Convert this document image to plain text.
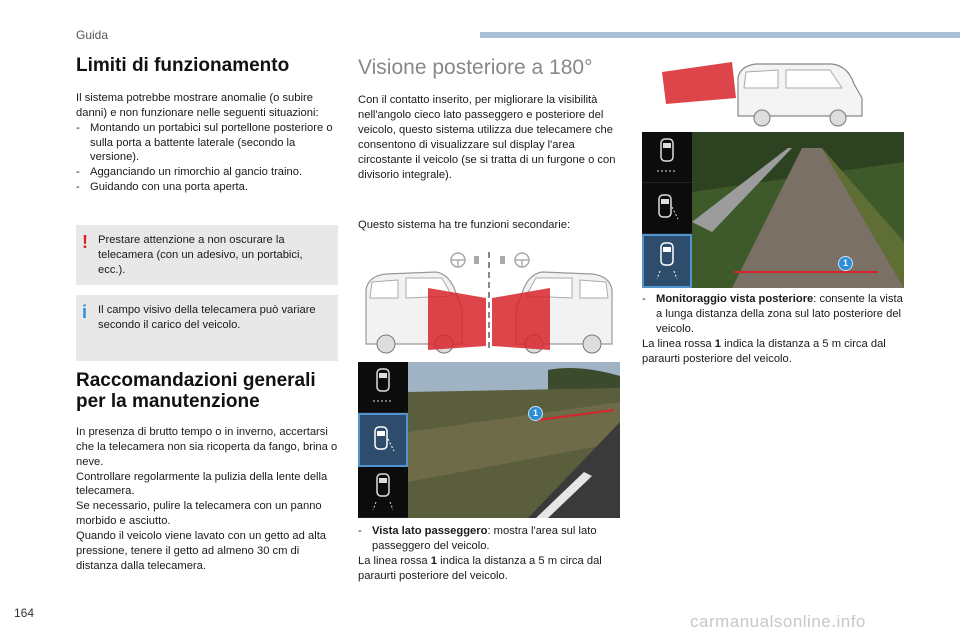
Guida
Limiti di funzionamento

Il sistema potrebbe mostrare anomalie (o subire danni) e non funzionare nelle seguenti situazioni:

- Montando un portabici sul portellone posteriore o sulla porta a battente laterale (secondo la versione).
- Agganciando un rimorchio al gancio traino.
- Guidando con una porta aperta.
! Prestare attenzione a non oscurare la telecamera (con un adesivo, un portabici, ecc.).
i Il campo visivo della telecamera può variare secondo il carico del veicolo.
Raccomandazioni generali
per la manutenzione

In presenza di brutto tempo o in inverno, accertarsi che la telecamera non sia ricoperta da fango, brina o neve.

Controllare regolarmente la pulizia della lente della telecamera.

Se necessario, pulire la telecamera con un panno morbido e asciutto.

Quando il veicolo viene lavato con un getto ad alta pressione, tenere il getto ad almeno 30 cm di distanza dalla telecamera.

Visione posteriore a 180°

Con il contatto inserito, per migliorare la visibilità nell'angolo cieco lato passeggero e posteriore del veicolo, questo sistema utilizza due telecamere che consentono di visualizzare sul display l'area circostante il veicolo (se si tratta di un furgone o con divisorio integrale).

Questo sistema ha tre funzioni secondarie:

1
- Vista lato passeggero: mostra l'area sul lato passeggero del veicolo.

La linea rossa 1 indica la distanza a 5 m circa dal paraurti posteriore del veicolo.

1
- Monitoraggio vista posteriore: consente la vista a lunga distanza della zona sul lato posteriore del veicolo.

La linea rossa 1 indica la distanza a 5 m circa dal paraurti posteriore del veicolo.

164	carmanualsonline.info
